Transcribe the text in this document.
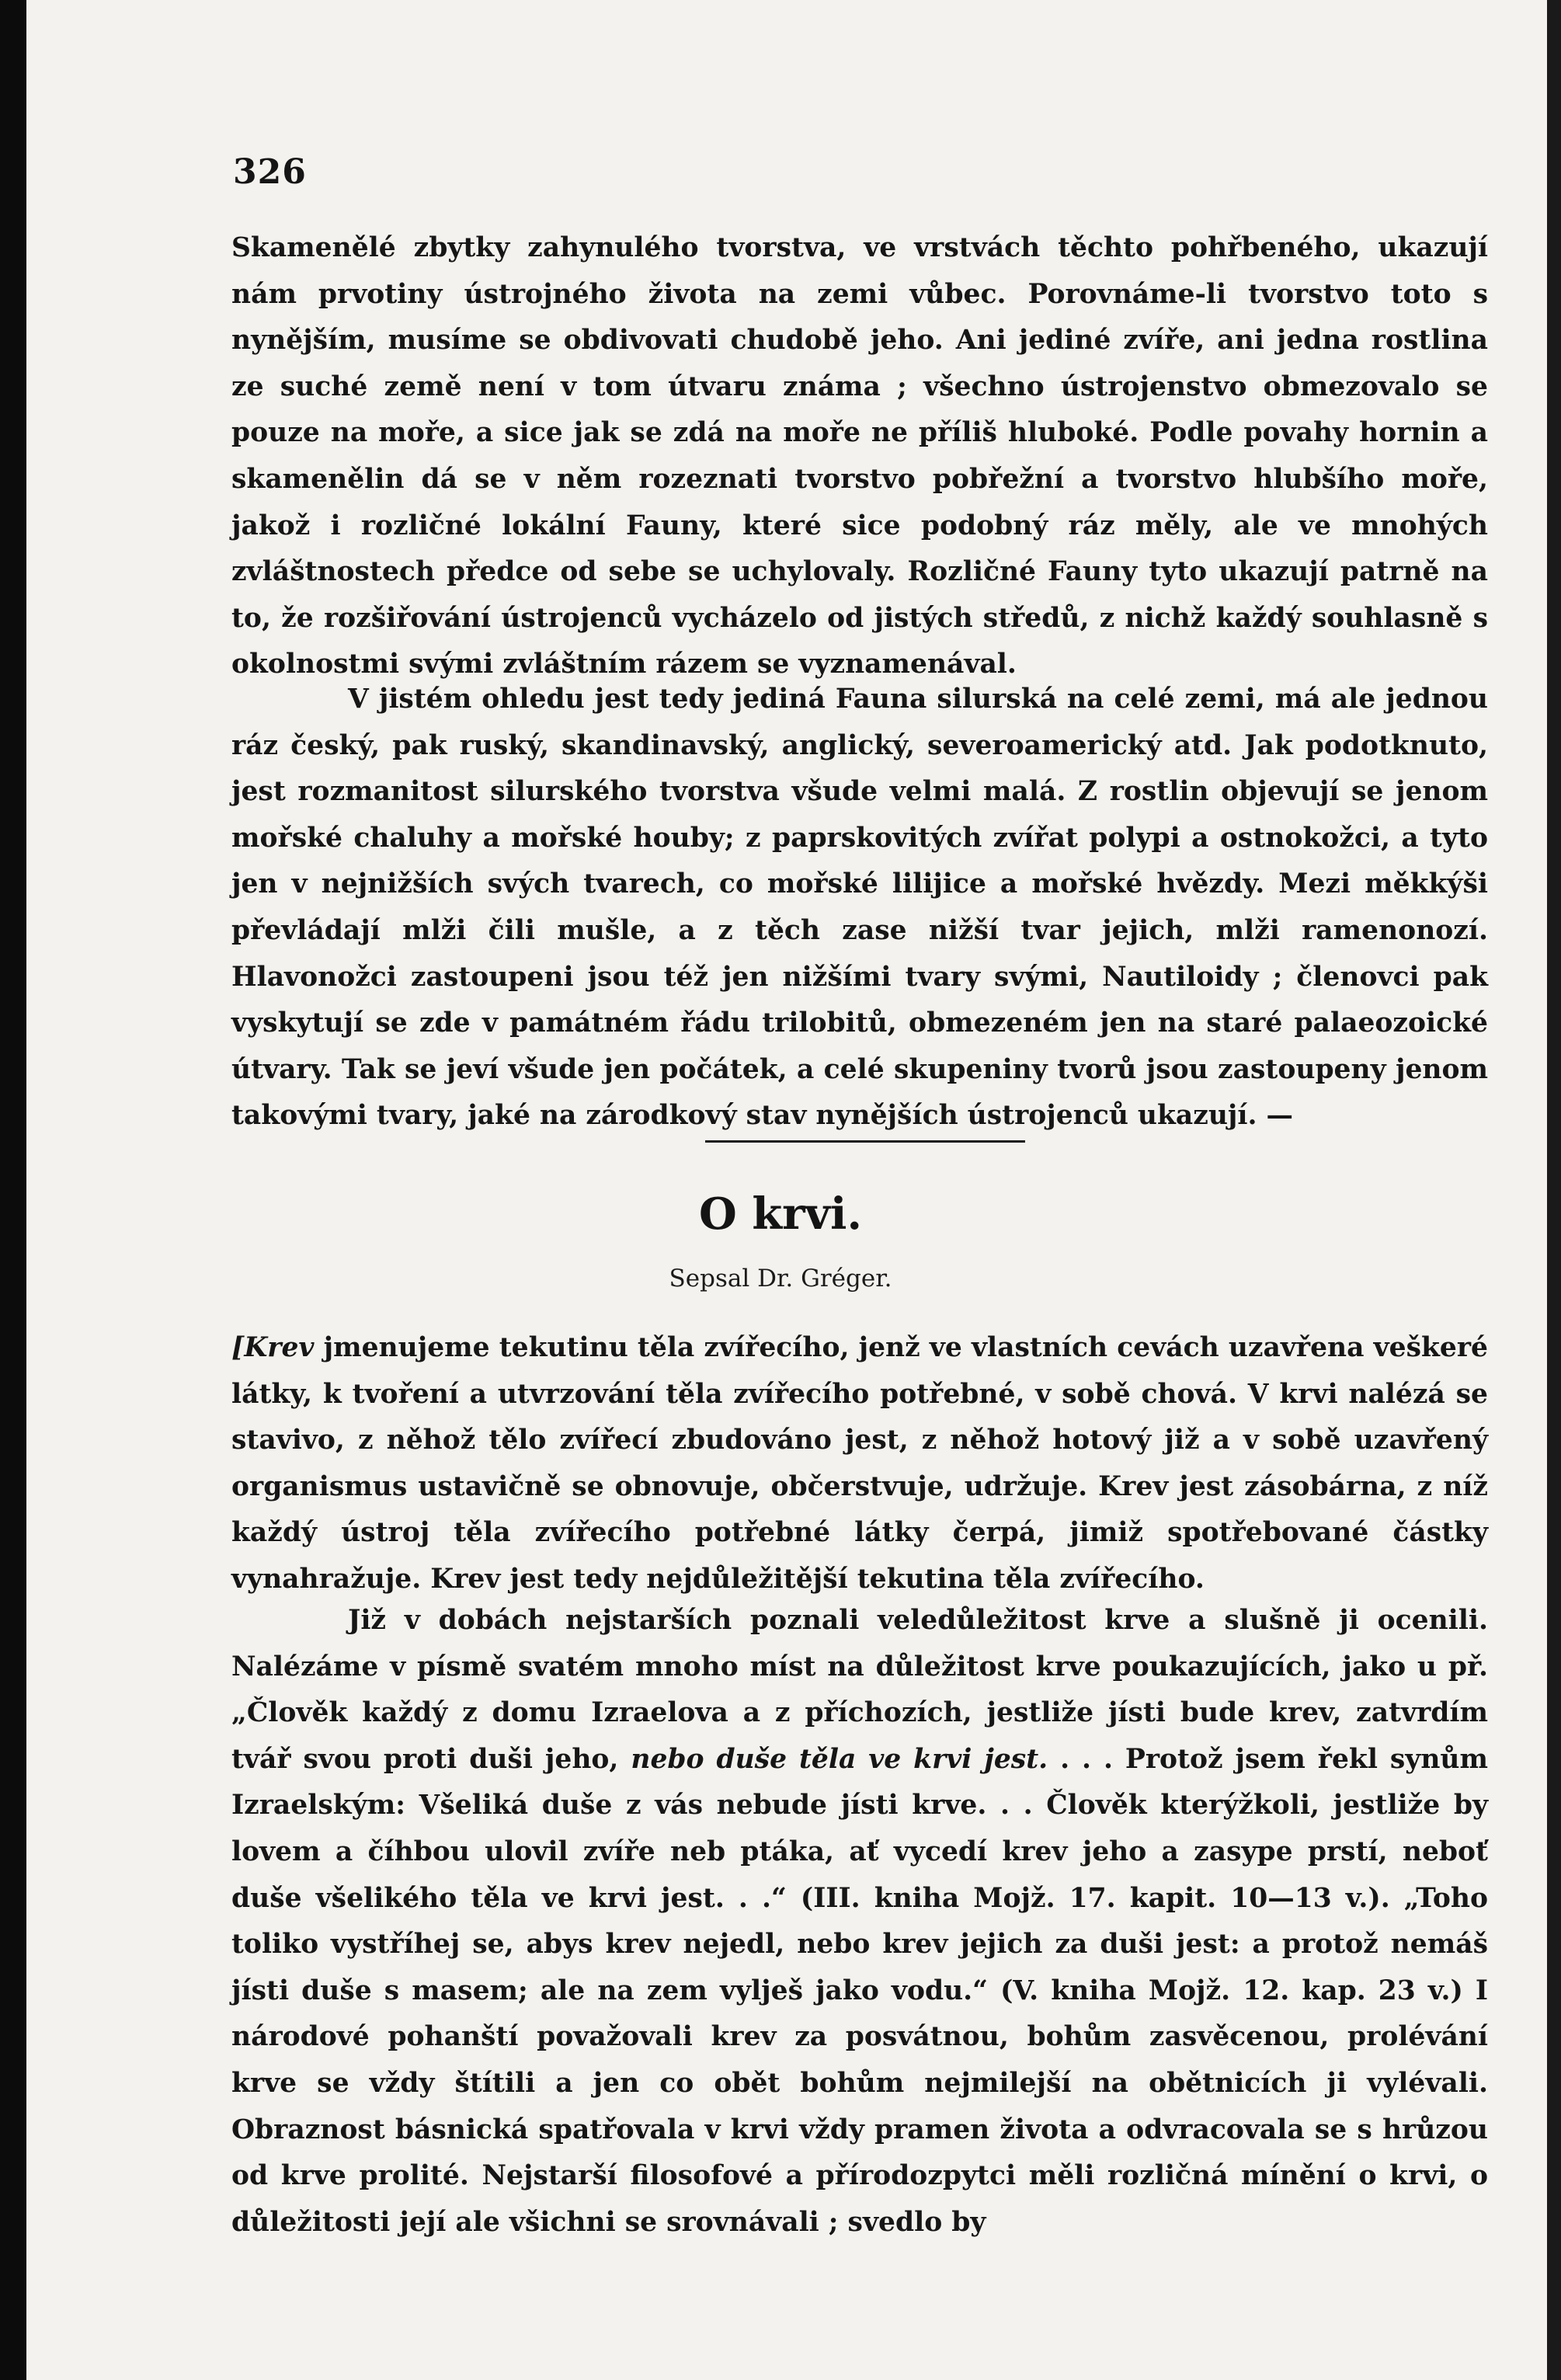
326

Skamenělé zbytky zahynulého tvorstva, ve vrstvách těchto pohřbeného, ukazují nám prvotiny ústrojného života na zemi vůbec. Porovnáme-li tvorstvo toto s nynějším, musíme se obdivovati chudobě jeho. Ani jediné zvíře, ani jedna rostlina ze suché země není v tom útvaru známa ; všechno ústrojenstvo obmezovalo se pouze na moře, a sice jak se zdá na moře ne příliš hluboké. Podle povahy hornin a skamenělin dá se v něm rozeznati tvorstvo pobřežní a tvorstvo hlubšího moře, jakož i rozličné lokální Fauny, které sice podobný ráz měly, ale ve mnohých zvláštnostech předce od sebe se uchylovaly. Rozličné Fauny tyto ukazují patrně na to, že rozšiřování ústrojenců vycházelo od jistých středů, z nichž každý souhlasně s okolnostmi svými zvláštním rázem se vyznamenával.

V jistém ohledu jest tedy jediná Fauna silurská na celé zemi, má ale jednou ráz český, pak ruský, skandinavský, anglický, severoamerický atd. Jak podotknuto, jest rozmanitost silurského tvorstva všude velmi malá. Z rostlin objevují se jenom mořské chaluhy a mořské houby; z paprskovitých zvířat polypi a ostnokožci, a tyto jen v nejnižších svých tvarech, co mořské lilijice a mořské hvězdy. Mezi měkkýši převládají mlži čili mušle, a z těch zase nižší tvar jejich, mlži ramenonozí. Hlavonožci zastoupeni jsou též jen nižšími tvary svými, Nautiloidy ; členovci pak vyskytují se zde v památném řádu trilobitů, obmezeném jen na staré palaeozoické útvary. Tak se jeví všude jen počátek, a celé skupeniny tvorů jsou zastoupeny jenom takovými tvary, jaké na zárodkový stav nynějších ústrojenců ukazují. —

O krvi.
Sepsal Dr. Gréger.

[Krev jmenujeme tekutinu těla zvířecího, jenž ve vlastních cevách uzavřena veškeré látky, k tvoření a utvrzování těla zvířecího potřebné, v sobě chová. V krvi nalézá se stavivo, z něhož tělo zvířecí zbudováno jest, z něhož hotový již a v sobě uzavřený organismus ustavičně se obnovuje, občerstvuje, udržuje. Krev jest zásobárna, z níž každý ústroj těla zvířecího potřebné látky čerpá, jimiž spotřebované částky vynahražuje. Krev jest tedy nejdůležitější tekutina těla zvířecího.

Již v dobách nejstarších poznali veledůležitost krve a slušně ji ocenili. Nalézáme v písmě svatém mnoho míst na důležitost krve poukazujících, jako u př. „Člověk každý z domu Izraelova a z příchozích, jestliže jísti bude krev, zatvrdím tvář svou proti duši jeho, nebo duše těla ve krvi jest. . . . Protož jsem řekl synům Izraelským: Všeliká duše z vás nebude jísti krve. . . Člověk kterýžkoli, jestliže by lovem a číhbou ulovil zvíře neb ptáka, ať vycedí krev jeho a zasype prstí, neboť duše všelikého těla ve krvi jest. . .“ (III. kniha Mojž. 17. kapit. 10—13 v.). „Toho toliko vystříhej se, abys krev nejedl, nebo krev jejich za duši jest: a protož nemáš jísti duše s masem; ale na zem vylješ jako vodu.“ (V. kniha Mojž. 12. kap. 23 v.) I národové pohanští považovali krev za posvátnou, bohům zasvěcenou, prolévání krve se vždy štítili a jen co obět bohům nejmilejší na obětnicích ji vylévali. Obraznost básnická spatřovala v krvi vždy pramen života a odvracovala se s hrůzou od krve prolité. Nejstarší filosofové a přírodozpytci měli rozličná mínění o krvi, o důležitosti její ale všichni se srovnávali ; svedlo by
